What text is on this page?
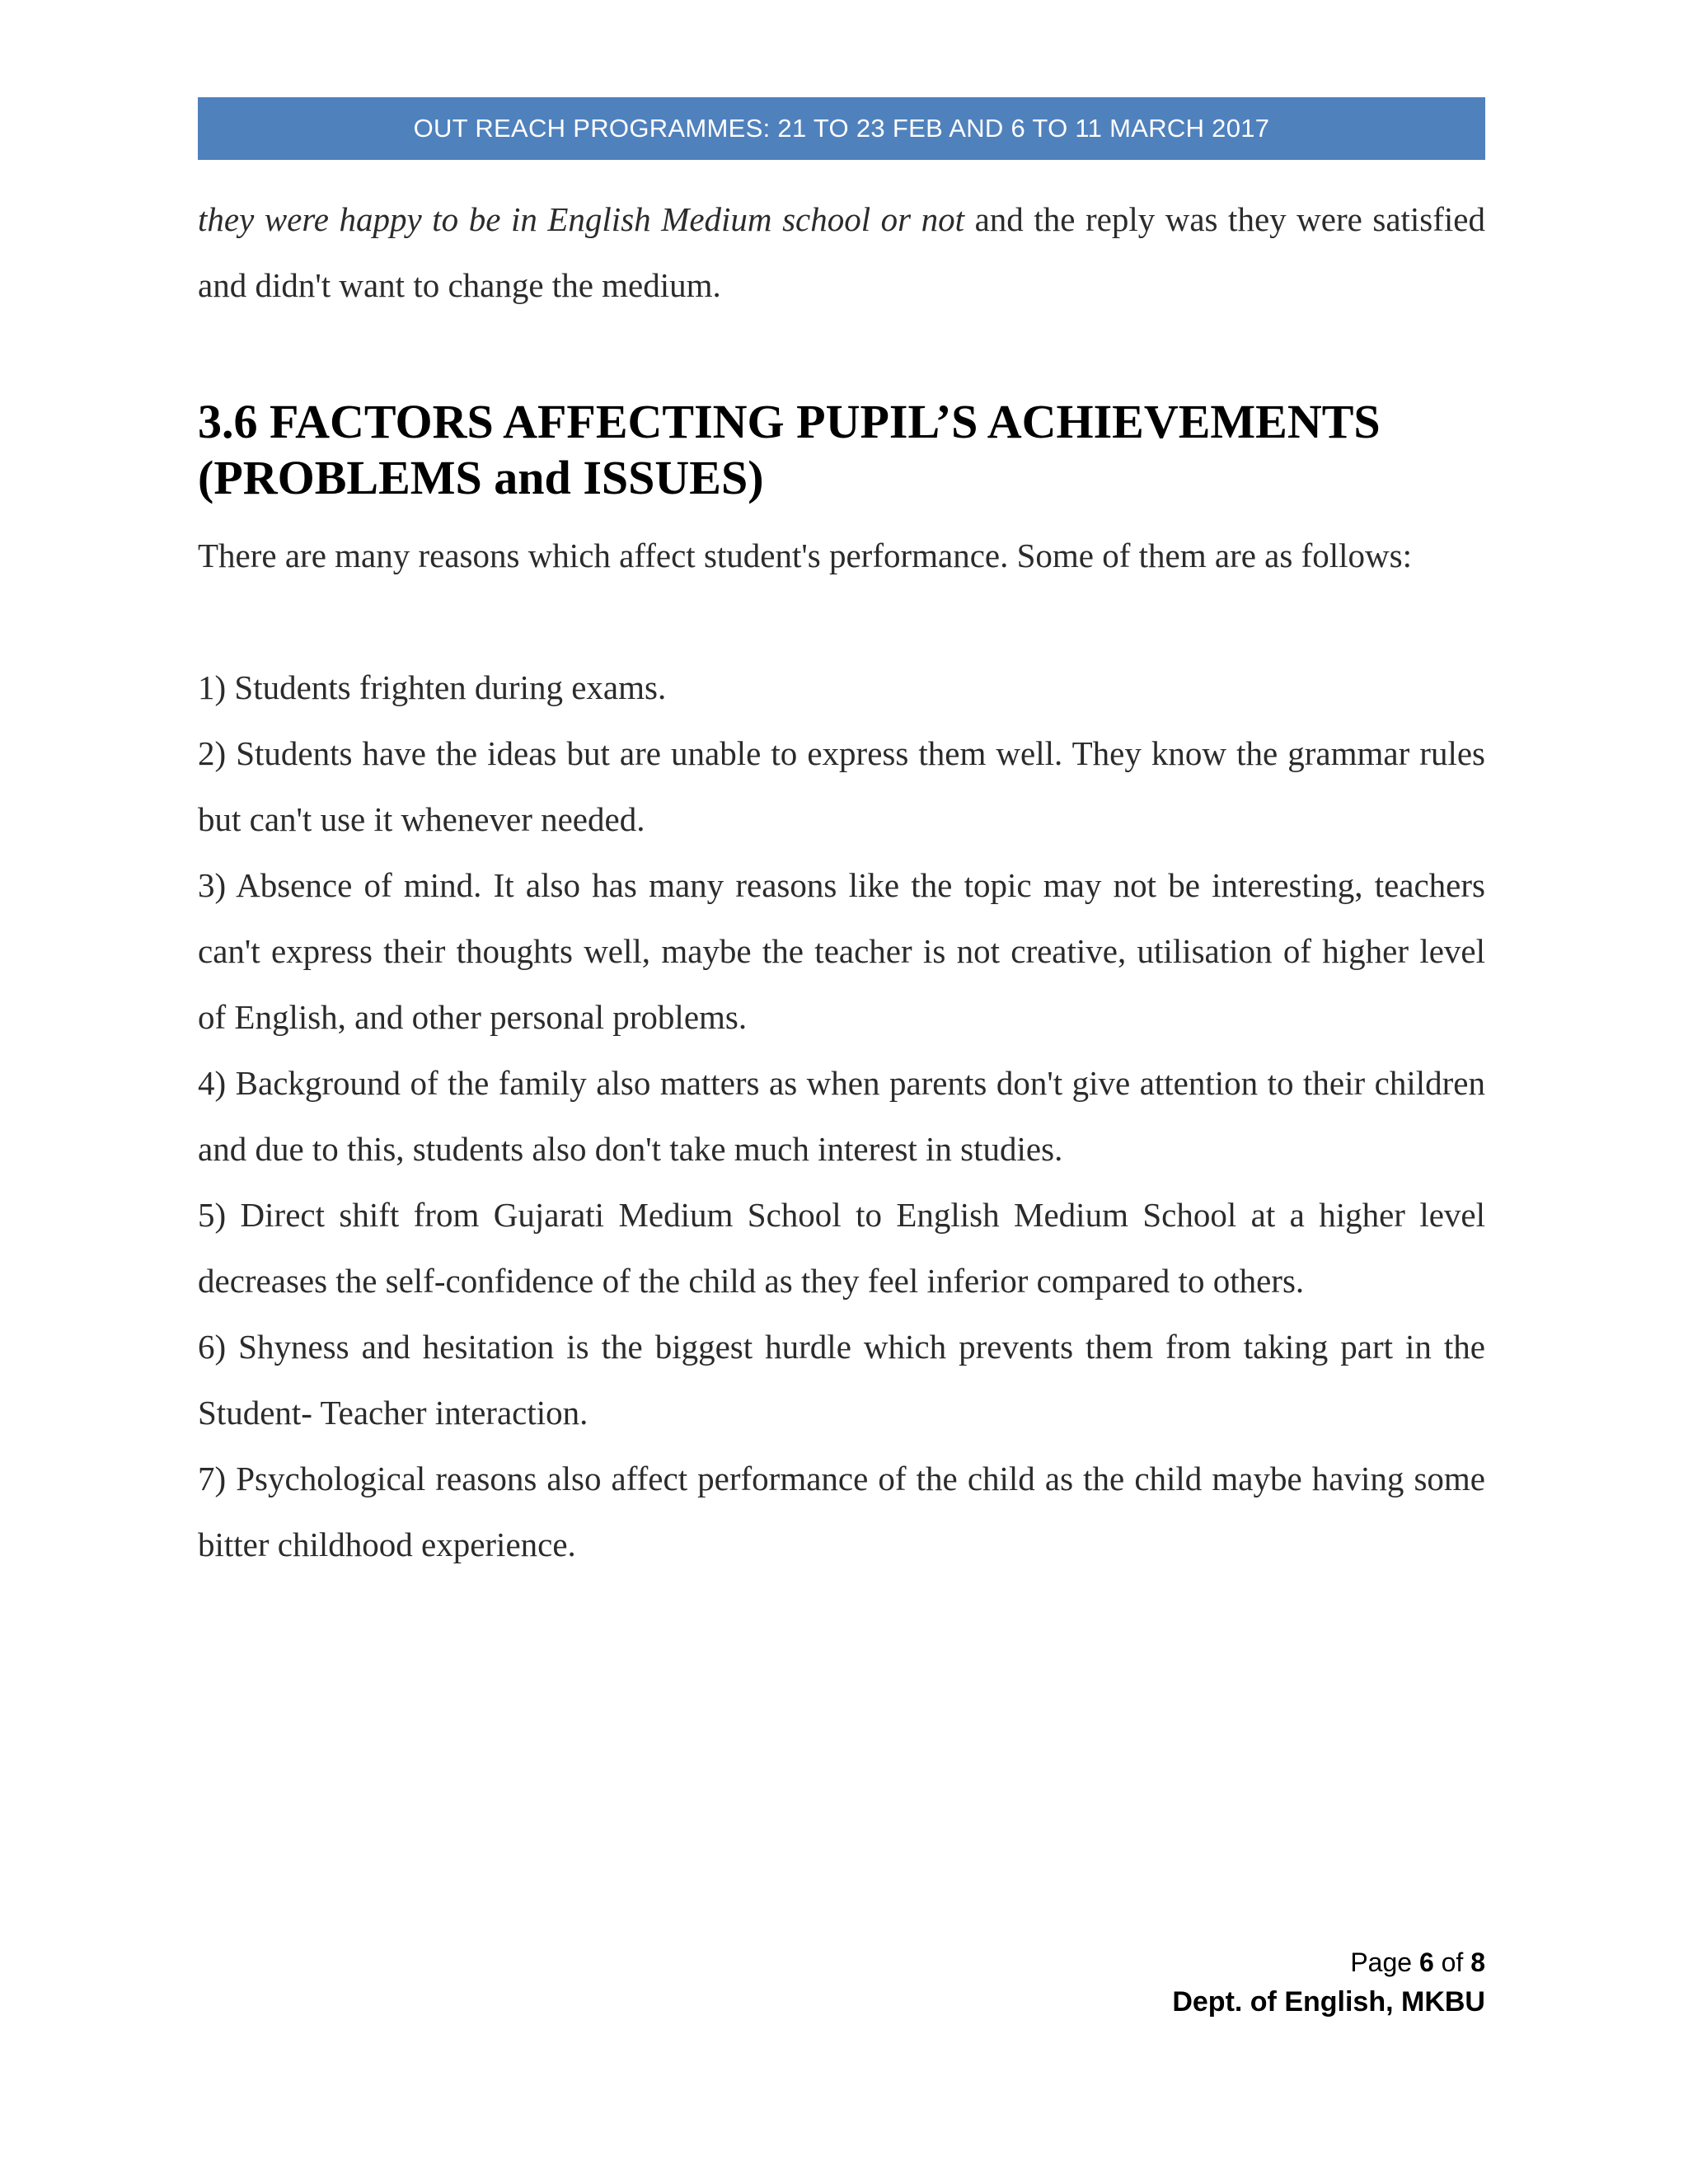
OUT REACH PROGRAMMES: 21 TO 23 FEB AND 6 TO 11 MARCH 2017

they were happy to be in English Medium school or not and the reply was they were satisfied and didn't want to change the medium.

3.6 FACTORS AFFECTING PUPIL’S ACHIEVEMENTS
(PROBLEMS and ISSUES)

There are many reasons which affect student's performance. Some of them are as follows:

1) Students frighten during exams.

2) Students have the ideas but are unable to express them well. They know the grammar rules but can't use it whenever needed.

3) Absence of mind. It also has many reasons like the topic may not be interesting, teachers can't express their thoughts well, maybe the teacher is not creative, utilisation of higher level of English, and other personal problems.

4) Background of the family also matters as when parents don't give attention to their children and due to this, students also don't take much interest in studies.

5) Direct shift from Gujarati Medium School to English Medium School at a higher level decreases the self-confidence of the child as they feel inferior compared to others.

6) Shyness and hesitation is the biggest hurdle which prevents them from taking part in the Student- Teacher interaction.

7) Psychological reasons also affect performance of the child as the child maybe having some bitter childhood experience.

Page 6 of 8
Dept. of English, MKBU
